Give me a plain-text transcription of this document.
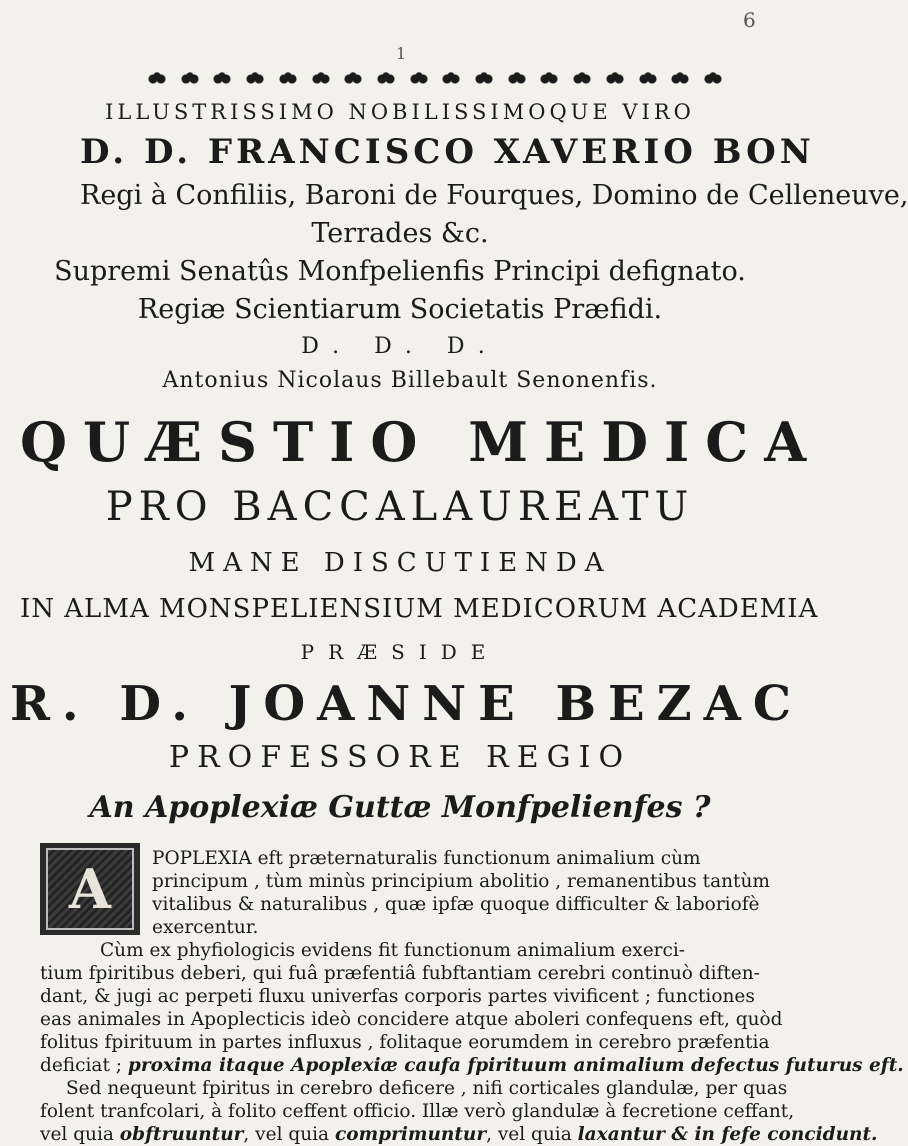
6
1
ILLUSTRISSIMO NOBILISSIMOQUE VIRO
D. D. FRANCISCO XAVERIO BON
Regi à Confiliis, Baroni de Fourques, Domino de Celleneuve,
Terrades &c.
Supremi Senatûs Monfpelienfis Principi defignato.
Regiæ Scientiarum Societatis Præfidi.
D. D. D.
Antonius Nicolaus Billebault Senonenfis.
QUÆSTIO MEDICA
PRO BACCALAUREATU
MANE DISCUTIENDA
IN ALMA MONSPELIENSIUM MEDICORUM ACADEMIA
PRÆSIDE
R. D. JOANNE BEZAC
PROFESSORE REGIO
An Apoplexiæ Guttæ Monfpelienfes ?
A	POPLEXIA eft præternaturalis functionum animalium cùm
principum , tùm minùs principium abolitio , remanentibus tantùm
vitalibus & naturalibus , quæ ipfæ quoque difficulter & laboriofè
exercentur.
Cùm ex phyfiologicis evidens fit functionum animalium exerci-
tium fpiritibus deberi, qui fuâ præfentiâ fubftantiam cerebri continuò diften-
dant, & jugi ac perpeti fluxu univerfas corporis partes vivificent ; functiones
eas animales in Apoplecticis ideò concidere atque aboleri confequens eft, quòd
folitus fpirituum in partes influxus , folitaque eorumdem in cerebro præfentia
deficiat ; proxima itaque Apoplexiæ caufa fpirituum animalium defectus futurus eft.
Sed nequeunt fpiritus in cerebro deficere , nifi corticales glandulæ, per quas
folent tranfcolari, à folito ceffent officio. Illæ verò glandulæ à fecretione ceffant,
vel quia obftruuntur, vel quia comprimuntur, vel quia laxantur & in fefe concidunt.
